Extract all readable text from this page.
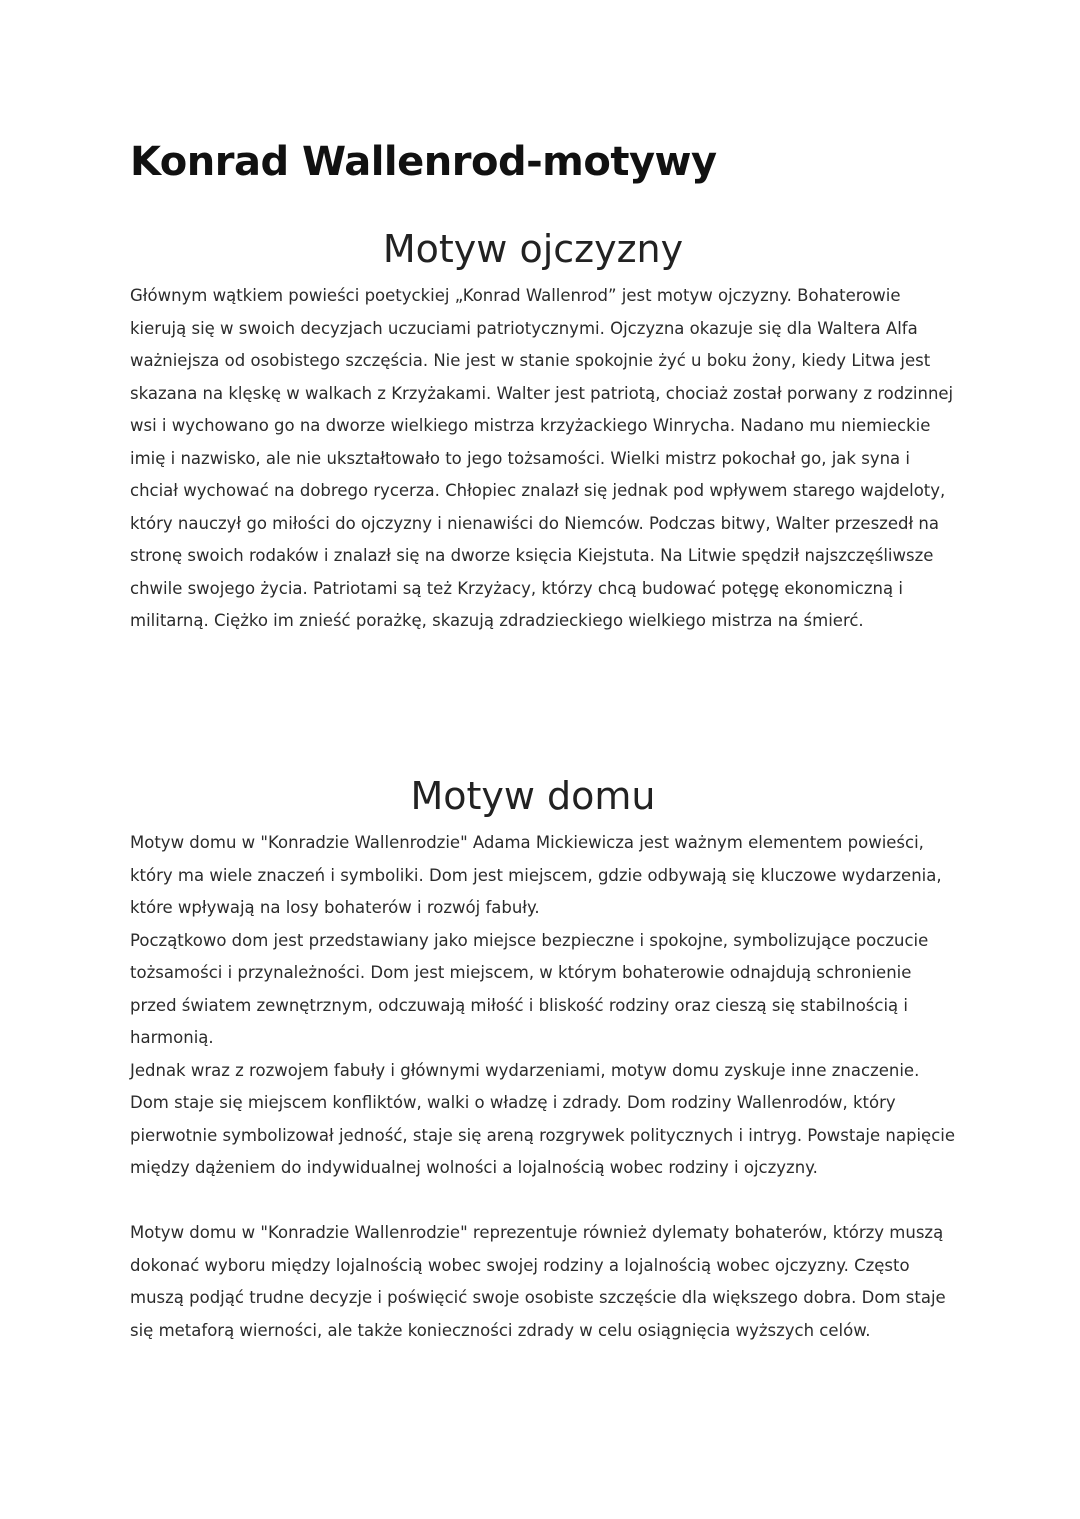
Konrad Wallenrod-motywy
Motyw ojczyzny

Głównym wątkiem powieści poetyckiej „Konrad Wallenrod” jest motyw ojczyzny. Bohaterowie kierują się w swoich decyzjach uczuciami patriotycznymi. Ojczyzna okazuje się dla Waltera Alfa ważniejsza od osobistego szczęścia. Nie jest w stanie spokojnie żyć u boku żony, kiedy Litwa jest skazana na klęskę w walkach z Krzyżakami. Walter jest patriotą, chociaż został porwany z rodzinnej wsi i wychowano go na dworze wielkiego mistrza krzyżackiego Winrycha. Nadano mu niemieckie imię i nazwisko, ale nie ukształtowało to jego tożsamości. Wielki mistrz pokochał go, jak syna i chciał wychować na dobrego rycerza. Chłopiec znalazł się jednak pod wpływem starego wajdeloty, który nauczył go miłości do ojczyzny i nienawiści do Niemców. Podczas bitwy, Walter przeszedł na stronę swoich rodaków i znalazł się na dworze księcia Kiejstuta. Na Litwie spędził najszczęśliwsze chwile swojego życia. Patriotami są też Krzyżacy, którzy chcą budować potęgę ekonomiczną i militarną. Ciężko im znieść porażkę, skazują zdradzieckiego wielkiego mistrza na śmierć.

Motyw domu

Motyw domu w "Konradzie Wallenrodzie" Adama Mickiewicza jest ważnym elementem powieści, który ma wiele znaczeń i symboliki. Dom jest miejscem, gdzie odbywają się kluczowe wydarzenia, które wpływają na losy bohaterów i rozwój fabuły.

Początkowo dom jest przedstawiany jako miejsce bezpieczne i spokojne, symbolizujące poczucie tożsamości i przynależności. Dom jest miejscem, w którym bohaterowie odnajdują schronienie przed światem zewnętrznym, odczuwają miłość i bliskość rodziny oraz cieszą się stabilnością i harmonią.

Jednak wraz z rozwojem fabuły i głównymi wydarzeniami, motyw domu zyskuje inne znaczenie. Dom staje się miejscem konfliktów, walki o władzę i zdrady. Dom rodziny Wallenrodów, który pierwotnie symbolizował jedność, staje się areną rozgrywek politycznych i intryg. Powstaje napięcie między dążeniem do indywidualnej wolności a lojalnością wobec rodziny i ojczyzny.

Motyw domu w "Konradzie Wallenrodzie" reprezentuje również dylematy bohaterów, którzy muszą dokonać wyboru między lojalnością wobec swojej rodziny a lojalnością wobec ojczyzny. Często muszą podjąć trudne decyzje i poświęcić swoje osobiste szczęście dla większego dobra. Dom staje się metaforą wierności, ale także konieczności zdrady w celu osiągnięcia wyższych celów.
